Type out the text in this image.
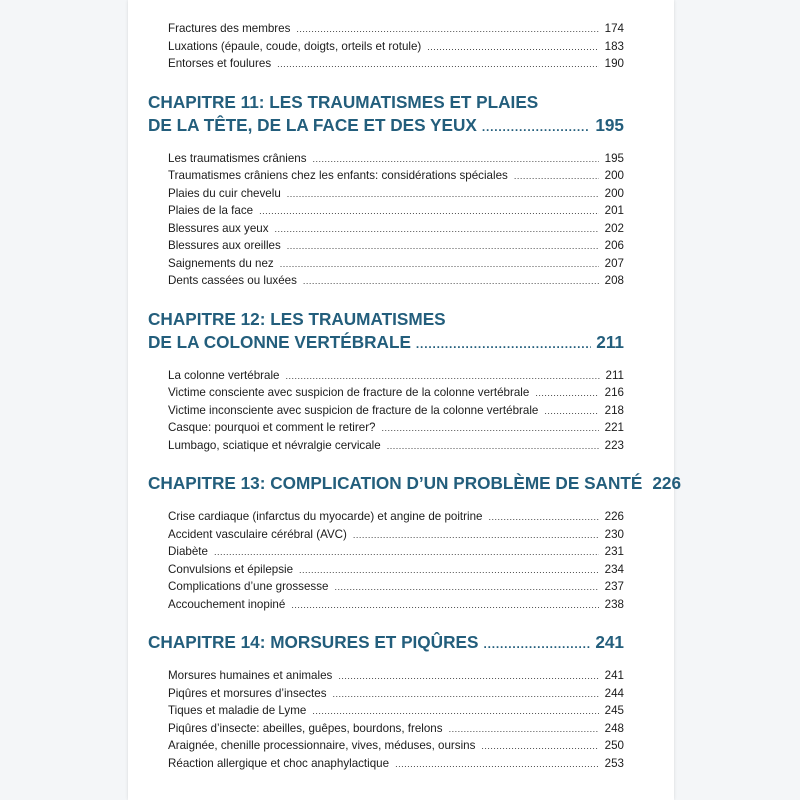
Fractures des membres .....	174
Luxations (épaule, coude, doigts, orteils et rotule) .....	183
Entorses et foulures .....	190
CHAPITRE 11: LES TRAUMATISMES ET PLAIES
DE LA TÊTE, DE LA FACE ET DES YEUX .....	195
Les traumatismes crâniens .....	195
Traumatismes crâniens chez les enfants: considérations spéciales .....	200
Plaies du cuir chevelu .....	200
Plaies de la face .....	201
Blessures aux yeux .....	202
Blessures aux oreilles .....	206
Saignements du nez .....	207
Dents cassées ou luxées .....	208
CHAPITRE 12: LES TRAUMATISMES
DE LA COLONNE VERTÉBRALE .....	211
La colonne vertébrale .....	211
Victime consciente avec suspicion de fracture de la colonne vertébrale .....	216
Victime inconsciente avec suspicion de fracture de la colonne vertébrale .....	218
Casque: pourquoi et comment le retirer? .....	221
Lumbago, sciatique et névralgie cervicale .....	223
CHAPITRE 13: COMPLICATION D’UN PROBLÈME DE SANTÉ 226
Crise cardiaque (infarctus du myocarde) et angine de poitrine .....	226
Accident vasculaire cérébral (AVC) .....	230
Diabète .....	231
Convulsions et épilepsie .....	234
Complications d’une grossesse .....	237
Accouchement inopiné .....	238
CHAPITRE 14: MORSURES ET PIQÛRES .....	241
Morsures humaines et animales .....	241
Piqûres et morsures d’insectes .....	244
Tiques et maladie de Lyme .....	245
Piqûres d’insecte: abeilles, guêpes, bourdons, frelons .....	248
Araignée, chenille processionnaire, vives, méduses, oursins .....	250
Réaction allergique et choc anaphylactique .....	253
